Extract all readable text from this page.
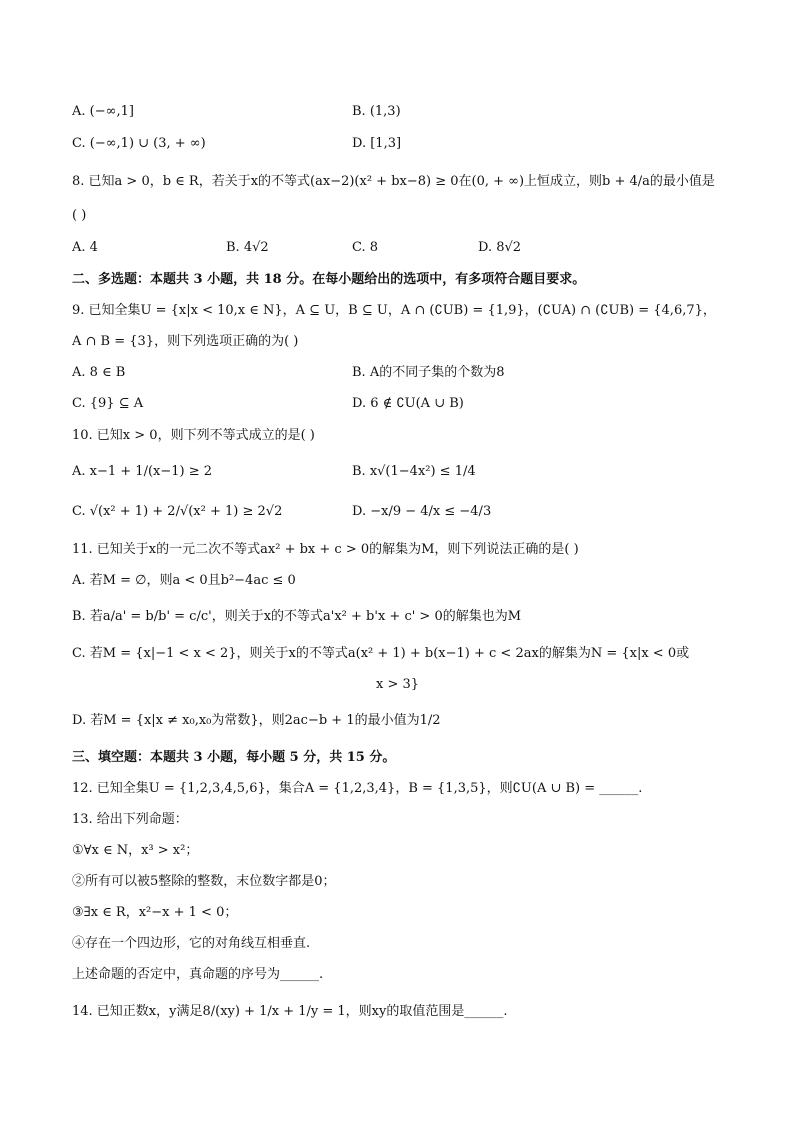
A. (−∞,1]	B. (1,3)
C. (−∞,1) ∪ (3, + ∞)	D. [1,3]
8. 已知a > 0，b ∈ R，若关于x的不等式(ax−2)(x² + bx−8) ≥ 0在(0, + ∞)上恒成立，则b + 4/a的最小值是
( )
A. 4	B. 4√2	C. 8	D. 8√2
二、多选题：本题共 3 小题，共 18 分。在每小题给出的选项中，有多项符合题目要求。
9. 已知全集U = {x|x < 10,x ∈ N}，A ⊆ U，B ⊆ U，A ∩ (∁UB) = {1,9}，(∁UA) ∩ (∁UB) = {4,6,7}，
A ∩ B = {3}，则下列选项正确的为( )
A. 8 ∈ B	B. A的不同子集的个数为8
C. {9} ⊆ A	D. 6 ∉ ∁U(A ∪ B)
10. 已知x > 0，则下列不等式成立的是( )
A. x−1 + 1/(x−1) ≥ 2	B. x√(1−4x²) ≤ 1/4
C. √(x² + 1) + 2/√(x² + 1) ≥ 2√2	D. −x/9 − 4/x ≤ −4/3
11. 已知关于x的一元二次不等式ax² + bx + c > 0的解集为M，则下列说法正确的是( )
A. 若M = ∅，则a < 0且b²−4ac ≤ 0
B. 若a/a' = b/b' = c/c'，则关于x的不等式a'x² + b'x + c' > 0的解集也为M
C. 若M = {x|−1 < x < 2}，则关于x的不等式a(x² + 1) + b(x−1) + c < 2ax的解集为N = {x|x < 0或
x > 3}
D. 若M = {x|x ≠ x₀,x₀为常数}，则2ac−b + 1的最小值为1/2
三、填空题：本题共 3 小题，每小题 5 分，共 15 分。
12. 已知全集U = {1,2,3,4,5,6}，集合A = {1,2,3,4}，B = {1,3,5}，则∁U(A ∪ B) = ______.
13. 给出下列命题：
①∀x ∈ N，x³ > x²；
②所有可以被5整除的整数，末位数字都是0；
③∃x ∈ R，x²−x + 1 < 0；
④存在一个四边形，它的对角线互相垂直.
上述命题的否定中，真命题的序号为______.
14. 已知正数x，y满足8/(xy) + 1/x + 1/y = 1，则xy的取值范围是______.
